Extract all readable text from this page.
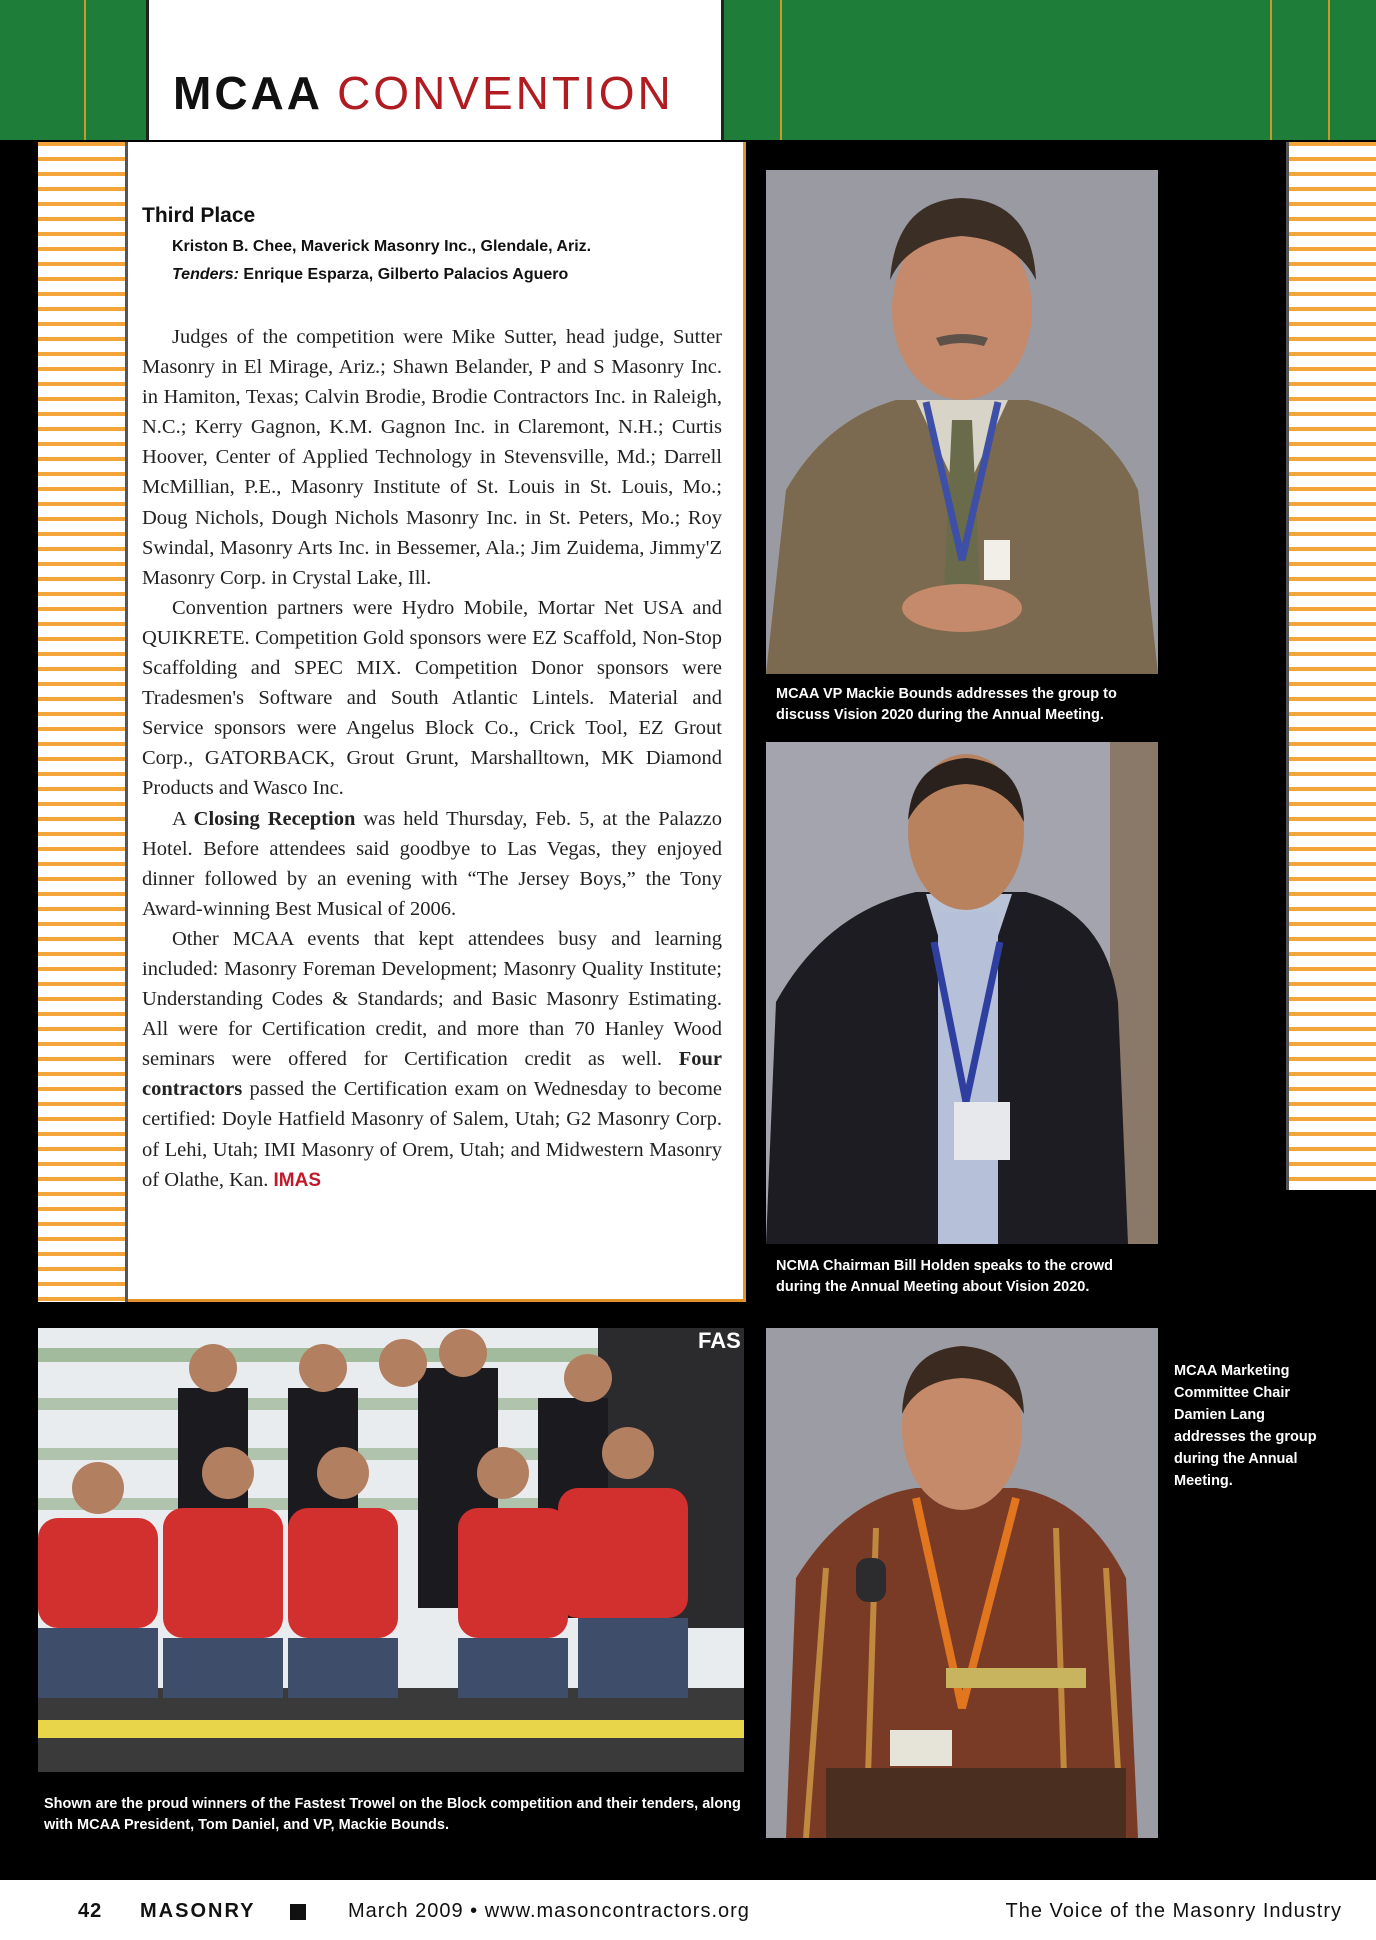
MCAA CONVENTION
Third Place
Kriston B. Chee, Maverick Masonry Inc., Glendale, Ariz.
Tenders: Enrique Esparza, Gilberto Palacios Aguero

Judges of the competition were Mike Sutter, head judge, Sutter Masonry in El Mirage, Ariz.; Shawn Belander, P and S Masonry Inc. in Hamiton, Texas; Calvin Brodie, Brodie Contractors Inc. in Raleigh, N.C.; Kerry Gagnon, K.M. Gagnon Inc. in Claremont, N.H.; Curtis Hoover, Center of Applied Technology in Stevensville, Md.; Darrell McMillian, P.E., Masonry Institute of St. Louis in St. Louis, Mo.; Doug Nichols, Dough Nichols Masonry Inc. in St. Peters, Mo.; Roy Swindal, Masonry Arts Inc. in Bessemer, Ala.; Jim Zuidema, Jimmy'Z Masonry Corp. in Crystal Lake, Ill.

Convention partners were Hydro Mobile, Mortar Net USA and QUIKRETE. Competition Gold sponsors were EZ Scaffold, Non-Stop Scaffolding and SPEC MIX. Competition Donor sponsors were Tradesmen's Software and South Atlantic Lintels. Material and Service sponsors were Angelus Block Co., Crick Tool, EZ Grout Corp., GATORBACK, Grout Grunt, Marshalltown, MK Diamond Products and Wasco Inc.

A Closing Reception was held Thursday, Feb. 5, at the Palazzo Hotel. Before attendees said goodbye to Las Vegas, they enjoyed dinner followed by an evening with “The Jersey Boys,” the Tony Award-winning Best Musical of 2006.

Other MCAA events that kept attendees busy and learning included: Masonry Foreman Development; Masonry Quality Institute; Understanding Codes & Standards; and Basic Masonry Estimating. All were for Certification credit, and more than 70 Hanley Wood seminars were offered for Certification credit as well. Four contractors passed the Certification exam on Wednesday to become certified: Doyle Hatfield Masonry of Salem, Utah; G2 Masonry Corp. of Lehi, Utah; IMI Masonry of Orem, Utah; and Midwestern Masonry of Olathe, Kan. IMAS

MCAA VP Mackie Bounds addresses the group to discuss Vision 2020 during the Annual Meeting.
NCMA Chairman Bill Holden speaks to the crowd during the Annual Meeting about Vision 2020.
FAS
Shown are the proud winners of the Fastest Trowel on the Block competition and their tenders, along with MCAA President, Tom Daniel, and VP, Mackie Bounds.
MCAA Marketing Committee Chair Damien Lang addresses the group during the Annual Meeting.
42 MASONRY	March 2009 • www.masoncontractors.org	The Voice of the Masonry Industry
